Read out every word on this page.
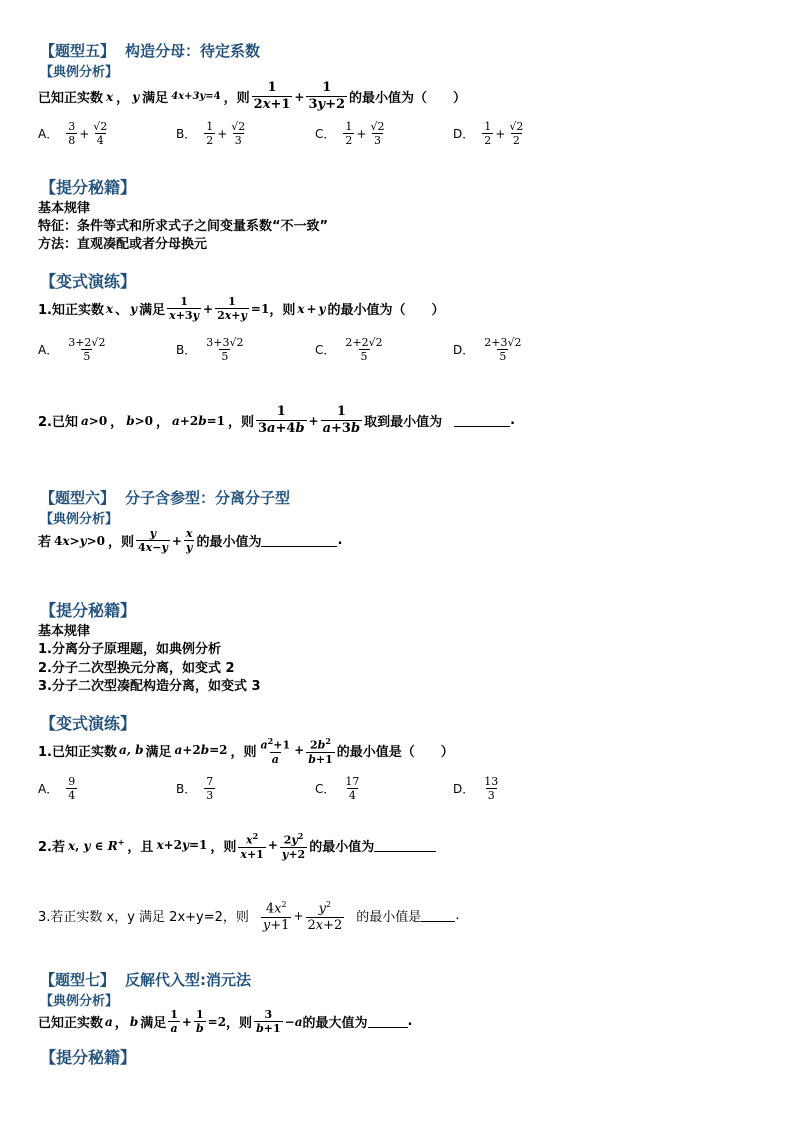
【题型五】 构造分母：待定系数
【典例分析】
已知正实数 x ， y 满足 4x+3y=4 ，则 $\frac{1}{2x+1} + \frac{1}{3y+2}$ 的最小值为（　　）
A． $\frac{3}{8} + \frac{√2}{4}$	B． $\frac{1}{2} + \frac{√2}{3}$	C． $\frac{1}{2} + \frac{√2}{3}$	D． $\frac{1}{2} + \frac{√2}{2}$
【提分秘籍】
基本规律
特征：条件等式和所求式子之间变量系数“不一致”
方法：直观凑配或者分母换元
【变式演练】
1.知正实数 x 、 y 满足 $\frac{1}{x+3y} + \frac{1}{2x+y} =1$ ，则 x + y 的最小值为（　　）
A． $\frac{3+2√2}{5}$	B． $\frac{3+3√2}{5}$	C． $\frac{2+2√2}{5}$	D． $\frac{2+3√2}{5}$
2.已知 a>0 ， b>0 ， a+2b=1 ，则 $\frac{1}{3a+4b} + \frac{1}{a+3b}$ 取到最小值为	.
【题型六】 分子含参型：分离分子型
【典例分析】
若 4x>y>0 ，则 $\frac{y}{4x-y} + \frac{x}{y}$ 的最小值为	.
【提分秘籍】
基本规律
1.分离分子原理题，如典例分析
2.分子二次型换元分离，如变式 2
3.分子二次型凑配构造分离，如变式 3
【变式演练】
1.已知正实数 a, b 满足 a+2b=2 ，则 $\frac{a^2+1}{a} + \frac{2b^2}{b+1}$ 的最小值是（　　）
A． $\frac{9}{4}$	B． $\frac{7}{3}$	C． $\frac{17}{4}$	D． $\frac{13}{3}$
2.若 x, y ∈ R+ ，且 x+2y=1 ，则 $\frac{x^2}{x+1} + \frac{2y^2}{y+2}$ 的最小值为
3.若正实数 x，y 满足 2x+y=2，则 $\frac{4x^2}{y+1} + \frac{y^2}{2x+2}$ 的最小值是	.
【题型七】 反解代入型:消元法
【典例分析】
已知正实数 a ， b 满足 $\frac{1}{a} + \frac{1}{b} =2$ ，则 $\frac{3}{b+1} -a$ 的最大值为	.
【提分秘籍】
